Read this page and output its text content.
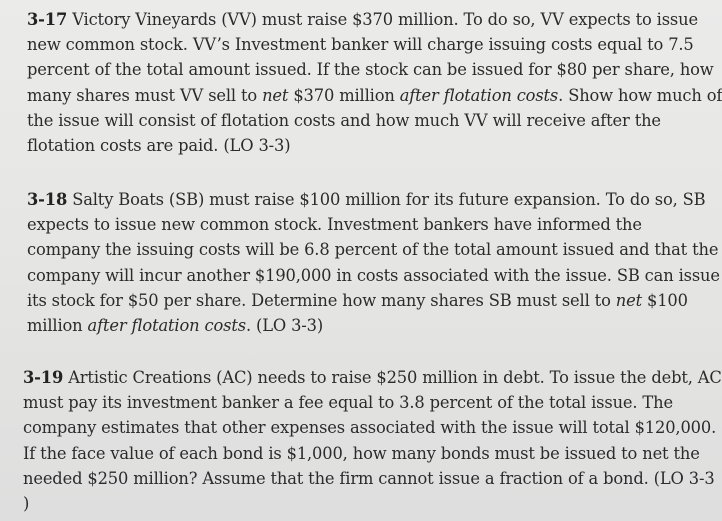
3-17 Victory Vineyards (VV) must raise $370 million. To do so, VV expects to issue
new common stock. VV’s Investment banker will charge issuing costs equal to 7.5
percent of the total amount issued. If the stock can be issued for $80 per share, how
many shares must VV sell to net $370 million after flotation costs. Show how much of
the issue will consist of flotation costs and how much VV will receive after the
flotation costs are paid. (LO 3-3)

3-18 Salty Boats (SB) must raise $100 million for its future expansion. To do so, SB
expects to issue new common stock. Investment bankers have informed the
company the issuing costs will be 6.8 percent of the total amount issued and that the
company will incur another $190,000 in costs associated with the issue. SB can issue
its stock for $50 per share. Determine how many shares SB must sell to net $100
million after flotation costs. (LO 3-3)

3-19 Artistic Creations (AC) needs to raise $250 million in debt. To issue the debt, AC
must pay its investment banker a fee equal to 3.8 percent of the total issue. The
company estimates that other expenses associated with the issue will total $120,000.
If the face value of each bond is $1,000, how many bonds must be issued to net the
needed $250 million? Assume that the firm cannot issue a fraction of a bond. (LO 3-3
)
